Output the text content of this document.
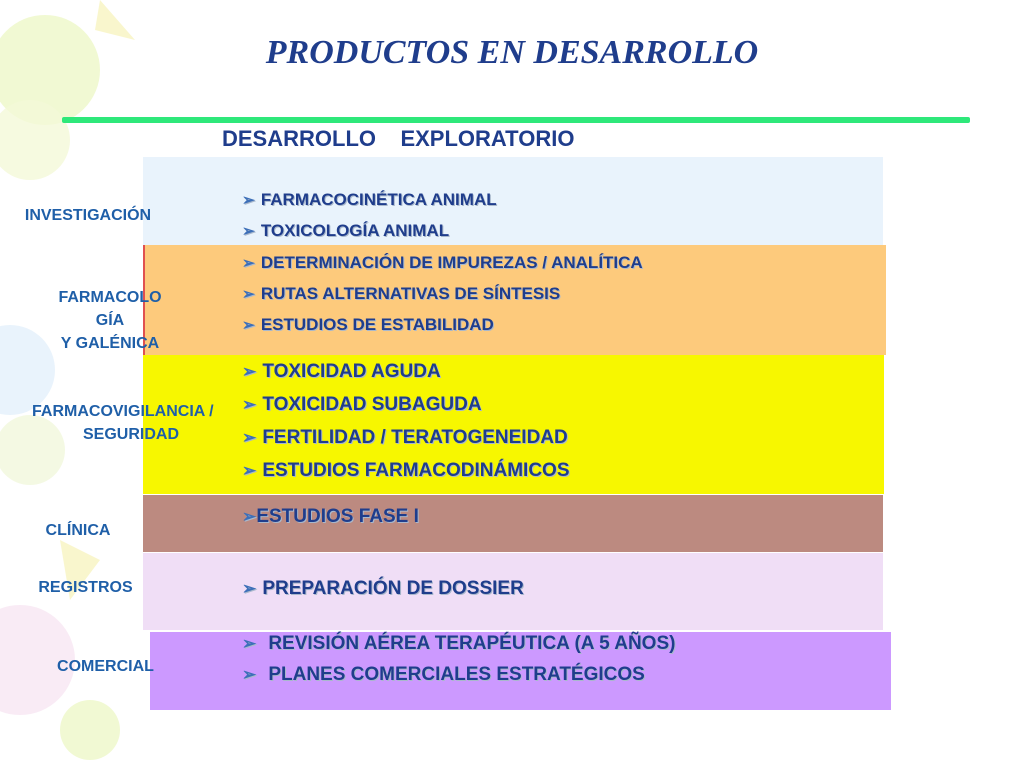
PRODUCTOS EN DESARROLLO
DESARROLLO    EXPLORATORIO
INVESTIGACIÓN
FARMACOLO
GÍA
Y GALÉNICA
FARMACOVIGILANCIA /
SEGURIDAD
CLÍNICA
REGISTROS
COMERCIAL
➢ FARMACOCINÉTICA ANIMAL
➢ TOXICOLOGÍA ANIMAL
➢ DETERMINACIÓN DE IMPUREZAS / ANALÍTICA
➢ RUTAS ALTERNATIVAS DE SÍNTESIS
➢ ESTUDIOS DE ESTABILIDAD
➢ TOXICIDAD AGUDA
➢ TOXICIDAD SUBAGUDA
➢ FERTILIDAD / TERATOGENEIDAD
➢ ESTUDIOS FARMACODINÁMICOS
➢ESTUDIOS FASE I
➢ PREPARACIÓN DE DOSSIER
➢ REVISIÓN AÉREA TERAPÉUTICA (A 5 AÑOS)
➢ PLANES COMERCIALES ESTRATÉGICOS
